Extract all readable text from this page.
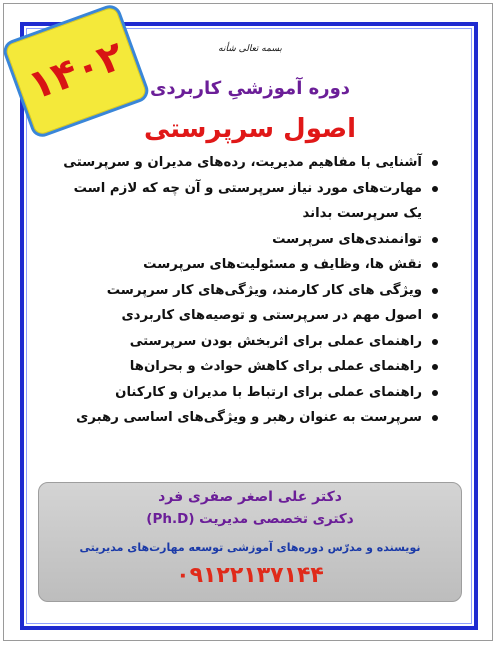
۱۴۰۲	بسمه تعالی شأنه
دوره آموزشیِ کاربردی
اصول سرپرستی
آشنایی با مفاهیم مدیریت، رده‌های مدیران و سرپرستی
مهارت‌های مورد نیاز سرپرستی و آن چه که لازم است
یک سرپرست بداند
توانمندی‌های سرپرست
نقش ها، وظایف و مسئولیت‌های سرپرست
ویژگی های کار کارمند، ویژگی‌های کار سرپرست
اصول مهم در سرپرستی و توصیه‌های کاربردی
راهنمای عملی برای اثربخش بودن سرپرستی
راهنمای عملی برای کاهش حوادث و بحران‌ها
راهنمای عملی برای ارتباط با مدیران و کارکنان
سرپرست به عنوان رهبر و ویژگی‌های اساسی رهبری
دکتر علی اصغر صفری فرد
دکتری تخصصی مدیریت (Ph.D)
نویسنده و مدرّس دوره‌های آموزشی توسعه مهارت‌های مدیریتی
۰۹۱۲۲۱۳۷۱۴۴
